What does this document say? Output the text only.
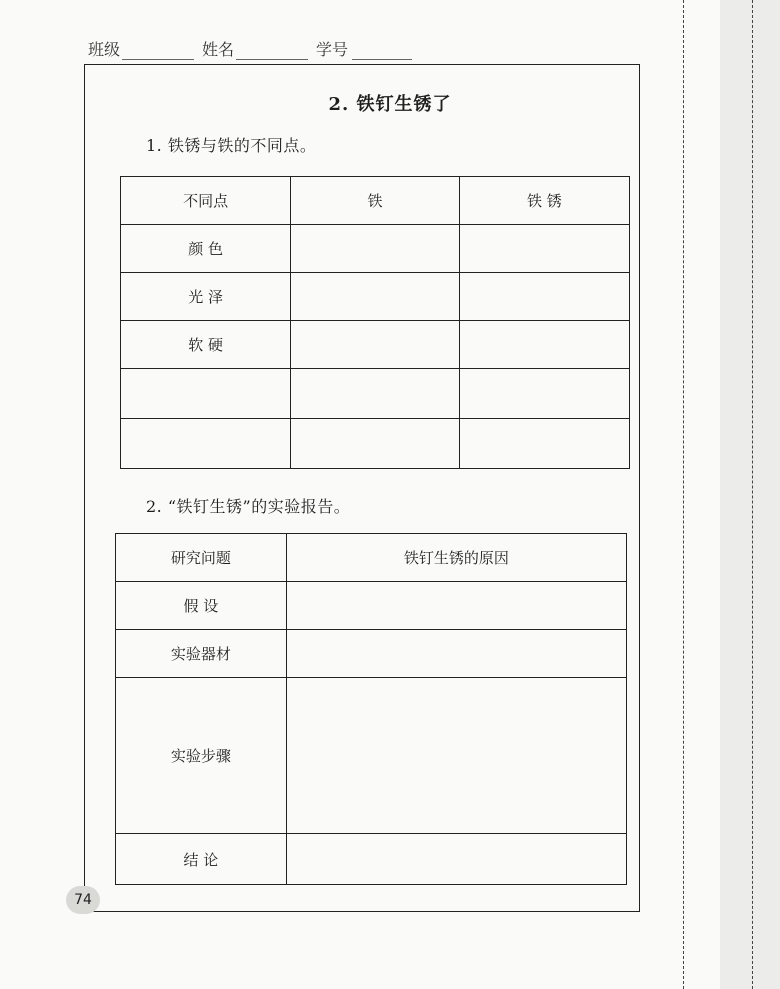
班级	姓名	学号
2. 铁钉生锈了
1. 铁锈与铁的不同点。
不同点	铁	铁 锈
颜 色		
光 泽		
软 硬		

2. “铁钉生锈”的实验报告。
研究问题	铁钉生锈的原因
假 设	
实验器材	
实验步骤	
结 论	
74
